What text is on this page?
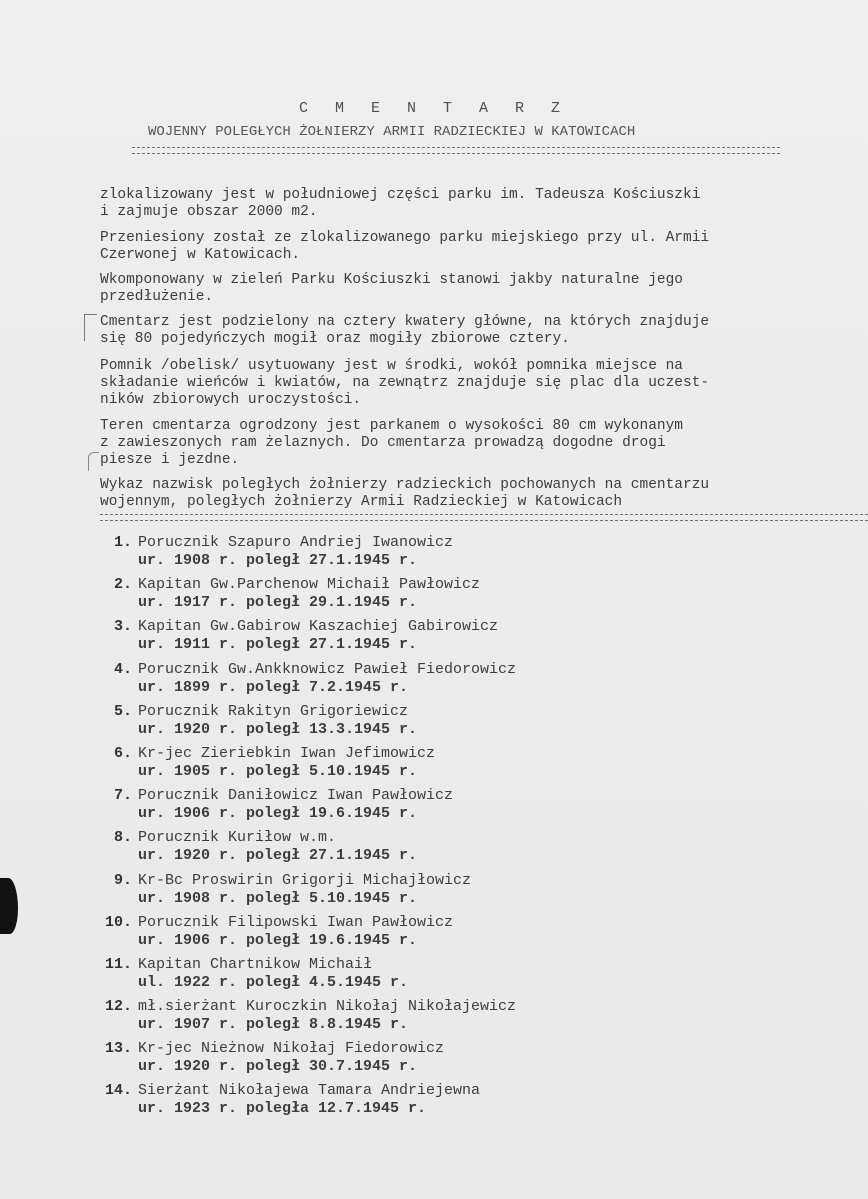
C M E N T A R Z
WOJENNY POLEGŁYCH ŻOŁNIERZY ARMII RADZIECKIEJ W KATOWICACH
zlokalizowany jest w południowej części parku im. Tadeusza Kościuszki
i zajmuje obszar 2000 m2.
Przeniesiony został ze zlokalizowanego parku miejskiego przy ul. Armii
Czerwonej w Katowicach.
Wkomponowany w zieleń Parku Kościuszki stanowi jakby naturalne jego
przedłużenie.
Cmentarz jest podzielony na cztery kwatery główne, na których znajduje
się 80 pojedyńczych mogił oraz mogiły zbiorowe cztery.
Pomnik /obelisk/ usytuowany jest w środki, wokół pomnika miejsce na
składanie wieńców i kwiatów, na zewnątrz znajduje się plac dla uczest-
ników zbiorowych uroczystości.
Teren cmentarza ogrodzony jest parkanem o wysokości 80 cm wykonanym
z zawieszonych ram żelaznych. Do cmentarza prowadzą dogodne drogi
piesze i jezdne.
Wykaz nazwisk poległych żołnierzy radzieckich pochowanych na cmentarzu
wojennym, poległych żołnierzy Armii Radzieckiej w Katowicach
1. Porucznik Szapuro Andriej Iwanowicz
ur. 1908 r. poległ 27.1.1945 r.
2. Kapitan Gw.Parchenow Michaił Pawłowicz
ur. 1917 r. poległ 29.1.1945 r.
3. Kapitan Gw.Gabirow Kaszachiej Gabirowicz
ur. 1911 r. poległ 27.1.1945 r.
4. Porucznik Gw.Ankknowicz Pawieł Fiedorowicz
ur. 1899 r. poległ 7.2.1945 r.
5. Porucznik Rakityn Grigoriewicz
ur. 1920 r. poległ 13.3.1945 r.
6. Kr-jec Zieriebkin Iwan Jefimowicz
ur. 1905 r. poległ 5.10.1945 r.
7. Porucznik Daniłowicz Iwan Pawłowicz
ur. 1906 r. poległ 19.6.1945 r.
8. Porucznik Kuriłow w.m.
ur. 1920 r. poległ 27.1.1945 r.
9. Kr-Bc Proswirin Grigorji Michajłowicz
ur. 1908 r. poległ 5.10.1945 r.
10. Porucznik Filipowski Iwan Pawłowicz
ur. 1906 r. poległ 19.6.1945 r.
11. Kapitan Chartnikow Michaił
ul. 1922 r. poległ 4.5.1945 r.
12. mł.sierżant Kuroczkin Nikołaj Nikołajewicz
ur. 1907 r. poległ 8.8.1945 r.
13. Kr-jec Nieżnow Nikołaj Fiedorowicz
ur. 1920 r. poległ 30.7.1945 r.
14. Sierżant Nikołajewa Tamara Andriejewna
ur. 1923 r. poległa 12.7.1945 r.
